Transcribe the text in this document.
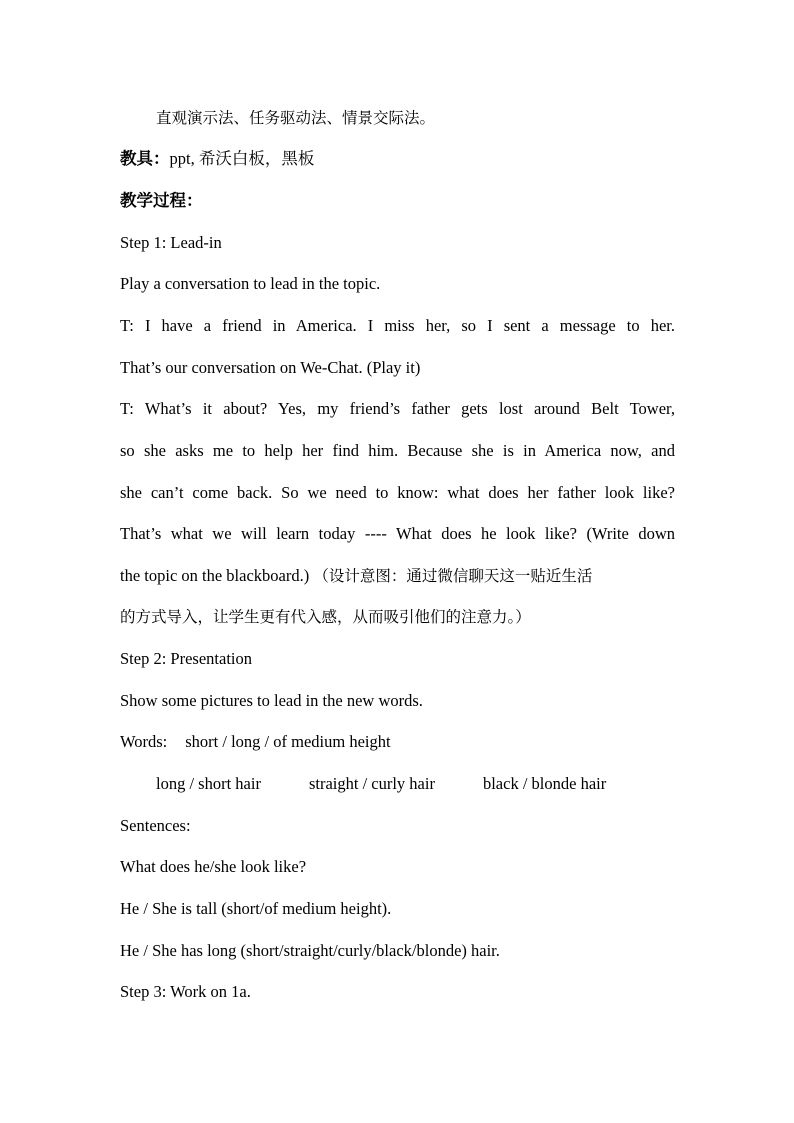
直观演示法、任务驱动法、情景交际法。
教具：ppt, 希沃白板，黑板
教学过程：
Step 1: Lead-in
Play a conversation to lead in the topic.
T: I have a friend in America. I miss her, so I sent a message to her.
That’s our conversation on We-Chat. (Play it)
T: What’s it about? Yes, my friend’s father gets lost around Belt Tower,
so she asks me to help her find him. Because she is in America now, and
she can’t come back. So we need to know: what does her father look like?
That’s what we will learn today ---- What does he look like? (Write down
the topic on the blackboard.) （设计意图：通过微信聊天这一贴近生活
的方式导入，让学生更有代入感，从而吸引他们的注意力。）
Step 2: Presentation
Show some pictures to lead in the new words.
Words: short / long / of medium height
long / short hair	straight / curly hair	black / blonde hair
Sentences:
What does he/she look like?
He / She is tall (short/of medium height).
He / She has long (short/straight/curly/black/blonde) hair.
Step 3: Work on 1a.
